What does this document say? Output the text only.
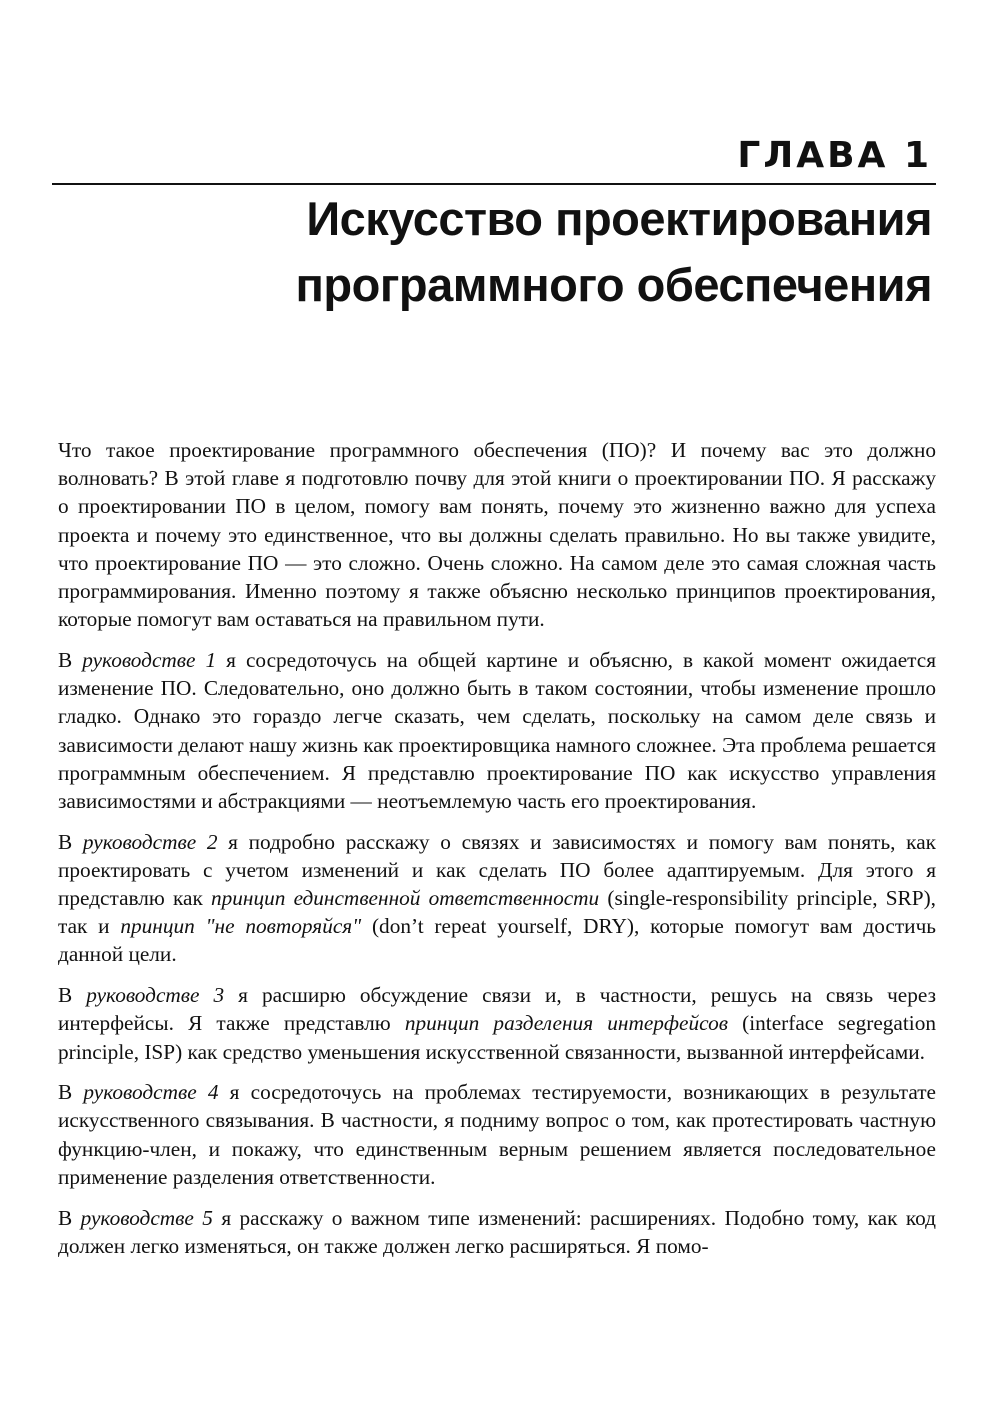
ГЛАВА 1
Искусство проектирования
программного обеспечения

Что такое проектирование программного обеспечения (ПО)? И почему вас это должно волновать? В этой главе я подготовлю почву для этой книги о проектировании ПО. Я расскажу о проектировании ПО в целом, помогу вам понять, почему это жизненно важно для успеха проекта и почему это единственное, что вы должны сделать правильно. Но вы также увидите, что проектирование ПО — это сложно. Очень сложно. На самом деле это самая сложная часть программирования. Именно поэтому я также объясню несколько принципов проектирования, которые помогут вам оставаться на правильном пути.

В руководстве 1 я сосредоточусь на общей картине и объясню, в какой момент ожидается изменение ПО. Следовательно, оно должно быть в таком состоянии, чтобы изменение прошло гладко. Однако это гораздо легче сказать, чем сделать, поскольку на самом деле связь и зависимости делают нашу жизнь как проектировщика намного сложнее. Эта проблема решается программным обеспечением. Я представлю проектирование ПО как искусство управления зависимостями и абстракциями — неотъемлемую часть его проектирования.

В руководстве 2 я подробно расскажу о связях и зависимостях и помогу вам понять, как проектировать с учетом изменений и как сделать ПО более адаптируемым. Для этого я представлю как принцип единственной ответственности (single-responsibility principle, SRP), так и принцип "не повторяйся" (don’t repeat yourself, DRY), которые помогут вам достичь данной цели.

В руководстве 3 я расширю обсуждение связи и, в частности, решусь на связь через интерфейсы. Я также представлю принцип разделения интерфейсов (interface segregation principle, ISP) как средство уменьшения искусственной связанности, вызванной интерфейсами.

В руководстве 4 я сосредоточусь на проблемах тестируемости, возникающих в результате искусственного связывания. В частности, я подниму вопрос о том, как протестировать частную функцию-член, и покажу, что единственным верным решением является последовательное применение разделения ответственности.

В руководстве 5 я расскажу о важном типе изменений: расширениях. Подобно тому, как код должен легко изменяться, он также должен легко расширяться. Я помо-
